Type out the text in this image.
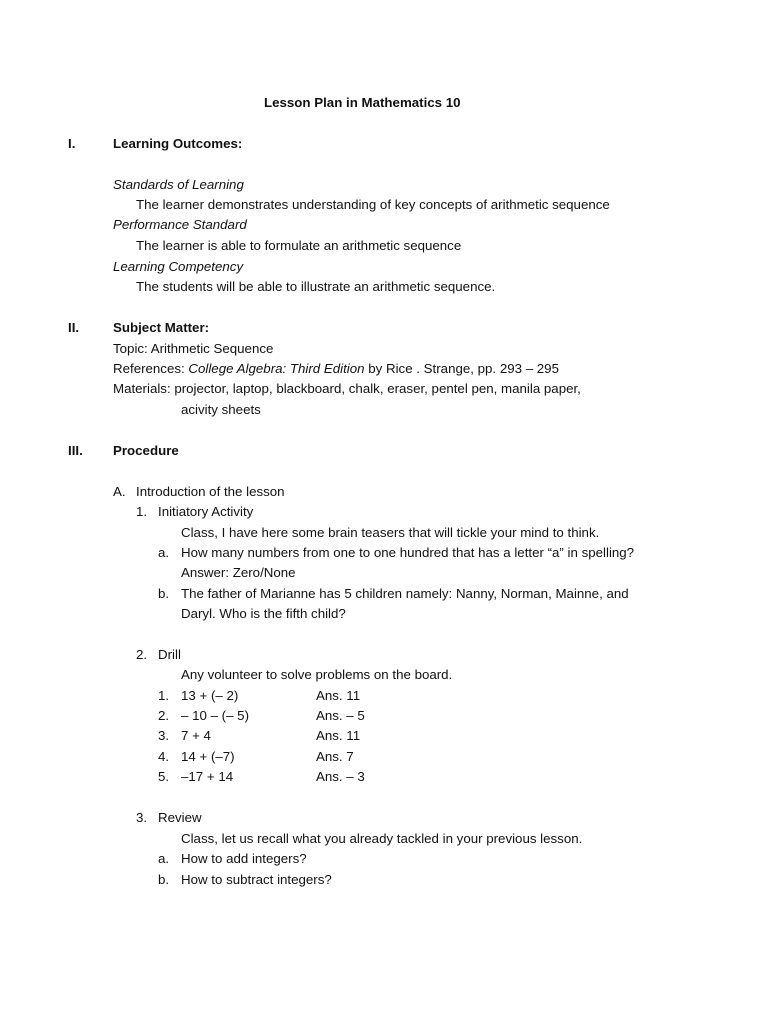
Lesson Plan in Mathematics 10
I.	Learning Outcomes:
Standards of Learning
The learner demonstrates understanding of key concepts of arithmetic sequence
Performance Standard
The learner is able to formulate an arithmetic sequence
Learning Competency
The students will be able to illustrate an arithmetic sequence.
II.	Subject Matter:
Topic: Arithmetic Sequence
References: College Algebra: Third Edition by Rice . Strange, pp. 293 – 295
Materials: projector, laptop, blackboard, chalk, eraser, pentel pen, manila paper,
acivity sheets
III. Procedure
A. Introduction of the lesson
1. Initiatory Activity
Class, I have here some brain teasers that will tickle your mind to think.
a. How many numbers from one to one hundred that has a letter “a” in spelling?
Answer: Zero/None
b. The father of Marianne has 5 children namely: Nanny, Norman, Mainne, and
Daryl. Who is the fifth child?
2. Drill
Any volunteer to solve problems on the board.
1. 13 + (– 2)	Ans. 11
2. – 10 – (– 5)	Ans. – 5
3. 7 + 4	Ans. 11
4. 14 + (–7)	Ans. 7
5. –17 + 14	Ans. – 3
3. Review
Class, let us recall what you already tackled in your previous lesson.
a. How to add integers?
b. How to subtract integers?
